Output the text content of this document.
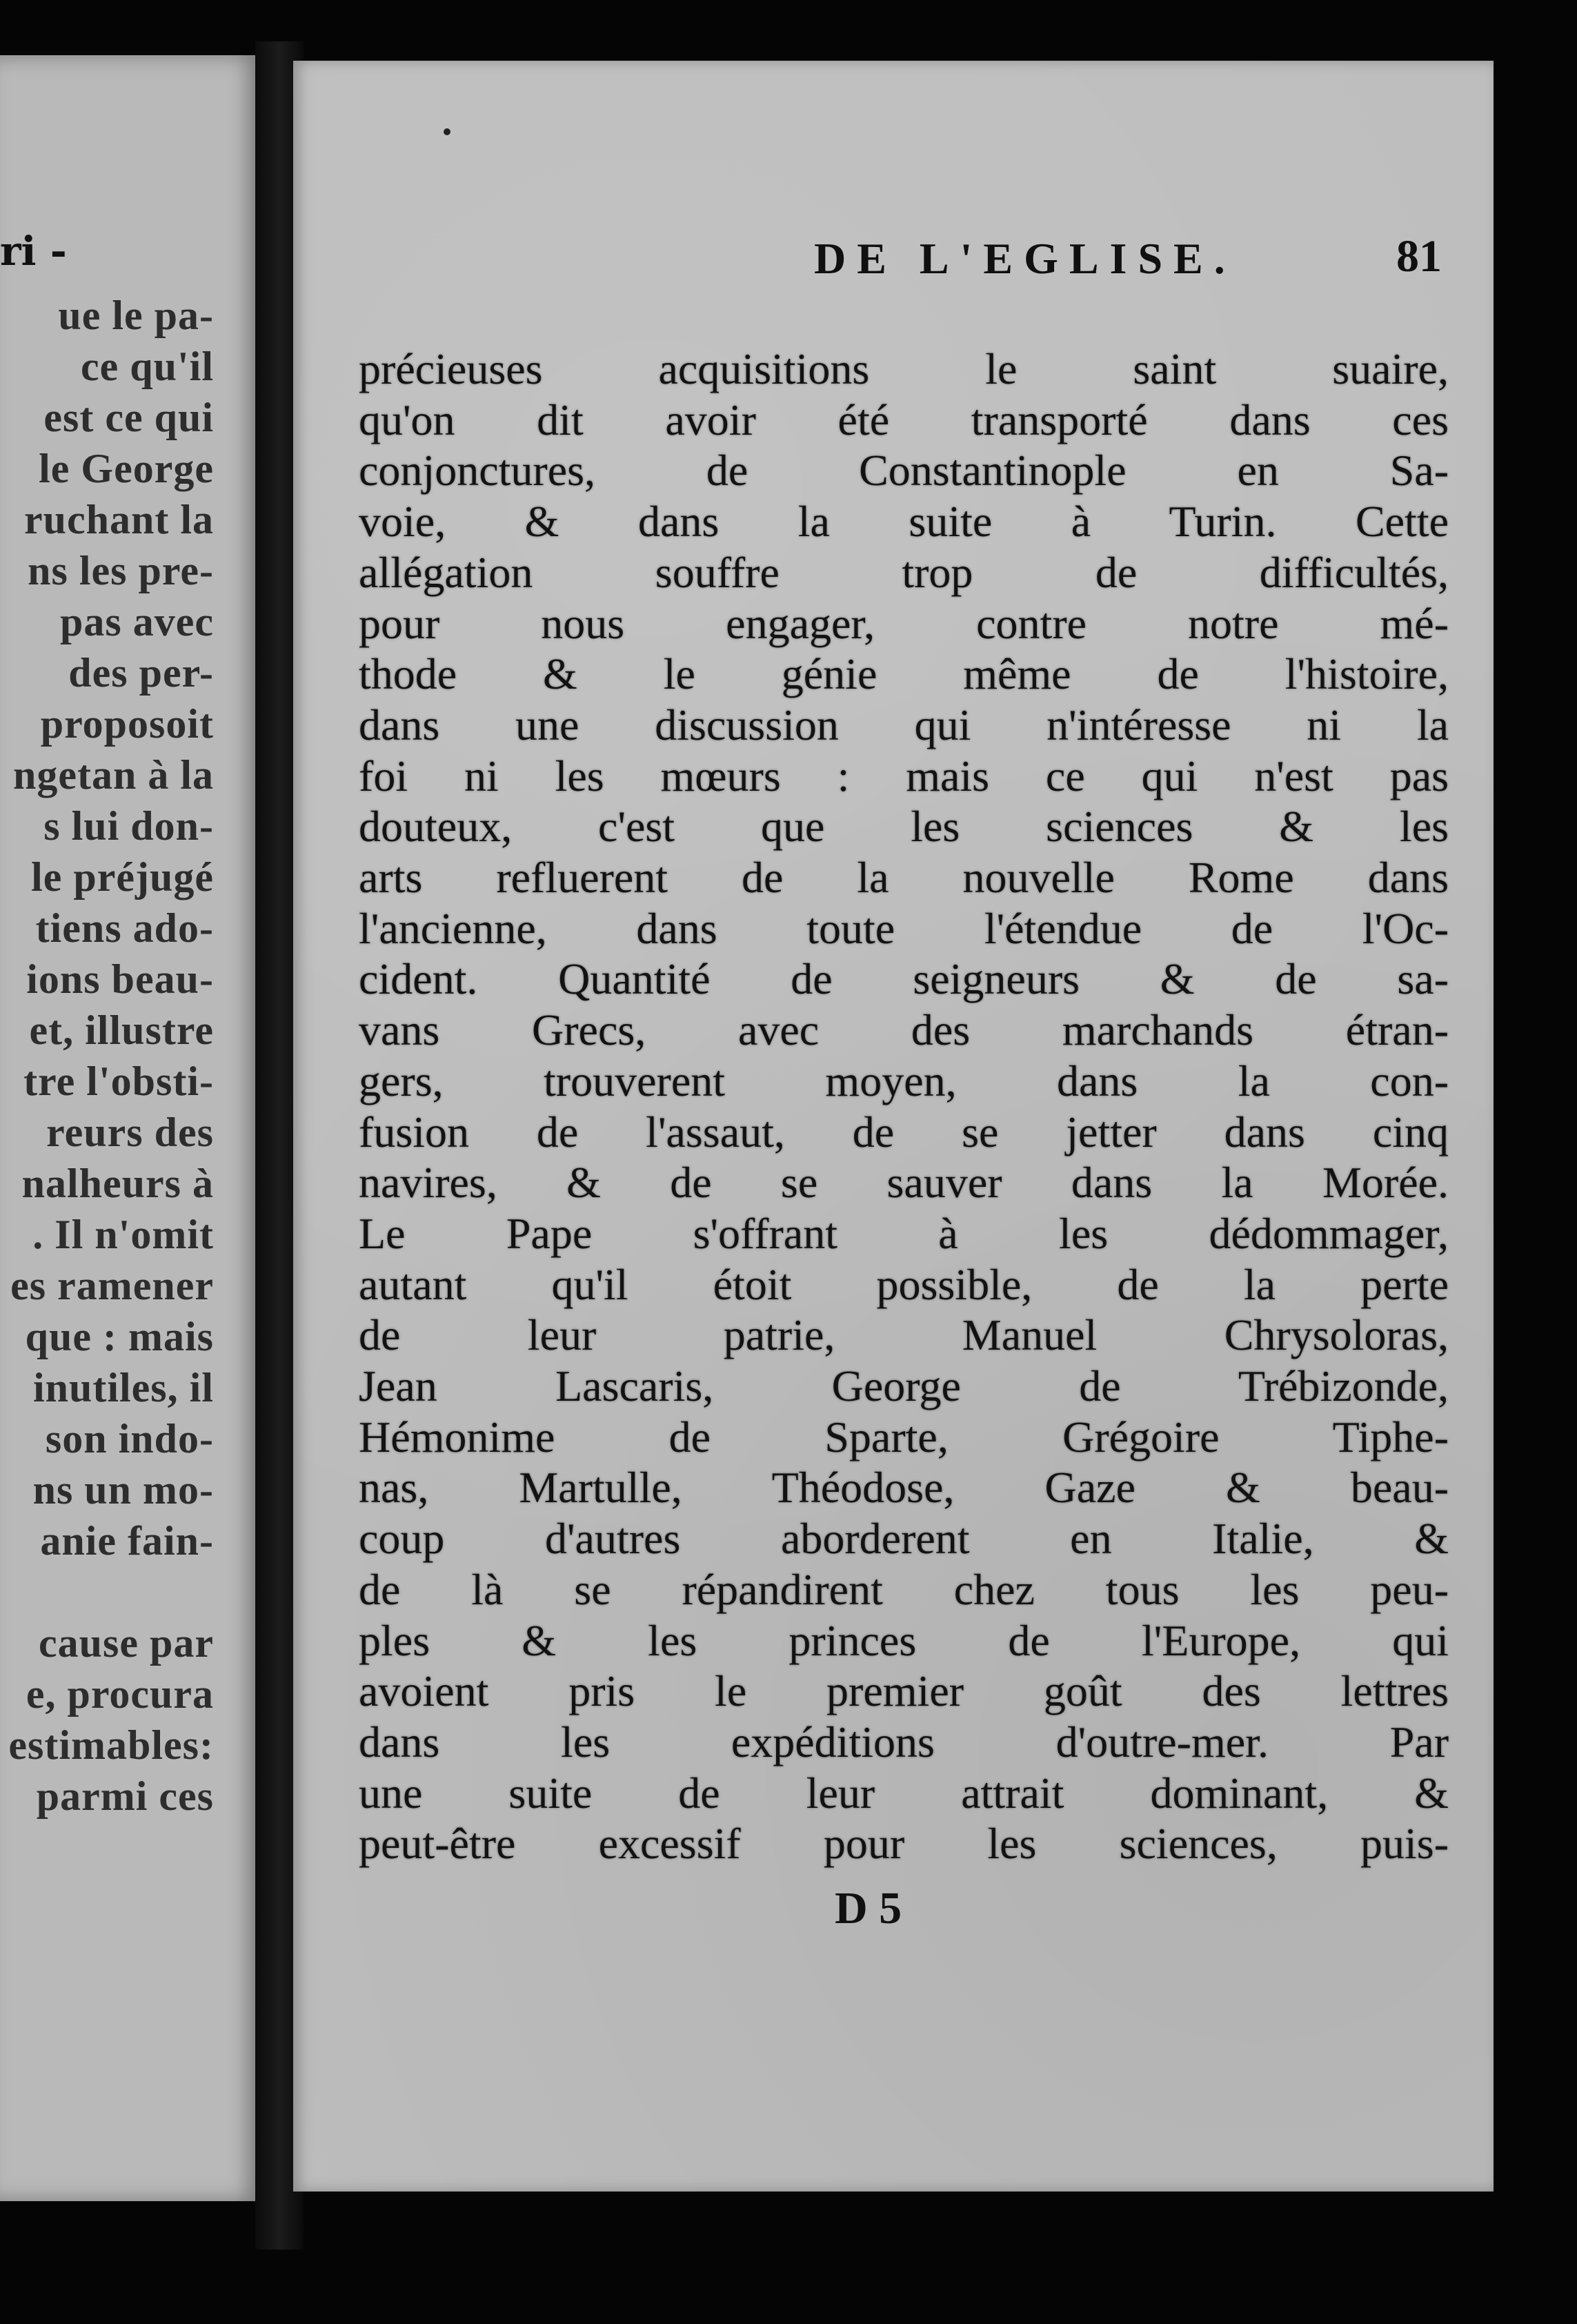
ri -
ue le pa-
ce qu'il
est ce qui
le George
ruchant la
ns les pre-
pas avec
des per-
proposoit
ngetan à la
s lui don-
le préjugé
tiens ado-
ions beau-
et, illustre
tre l'obsti-
reurs des
nalheurs à
. Il n'omit
es ramener
que : mais
inutiles, il
son indo-
ns un mo-
anie fain-
cause par
e, procura
estimables:
parmi ces
DE L'EGLISE.	81
précieuses acquisitions le saint suaire,
qu'on dit avoir été transporté dans ces
conjonctures, de Constantinople en Sa-
voie, & dans la suite à Turin. Cette
allégation souffre trop de difficultés,
pour nous engager, contre notre mé-
thode & le génie même de l'histoire,
dans une discussion qui n'intéresse ni la
foi ni les mœurs : mais ce qui n'est pas
douteux, c'est que les sciences & les
arts refluerent de la nouvelle Rome dans
l'ancienne, dans toute l'étendue de l'Oc-
cident. Quantité de seigneurs & de sa-
vans Grecs, avec des marchands étran-
gers, trouverent moyen, dans la con-
fusion de l'assaut, de se jetter dans cinq
navires, & de se sauver dans la Morée.
Le Pape s'offrant à les dédommager,
autant qu'il étoit possible, de la perte
de leur patrie, Manuel Chrysoloras,
Jean Lascaris, George de Trébizonde,
Hémonime de Sparte, Grégoire Tiphe-
nas, Martulle, Théodose, Gaze & beau-
coup d'autres aborderent en Italie, &
de là se répandirent chez tous les peu-
ples & les princes de l'Europe, qui
avoient pris le premier goût des lettres
dans les expéditions d'outre-mer. Par
une suite de leur attrait dominant, &
peut-être excessif pour les sciences, puis-
D 5
